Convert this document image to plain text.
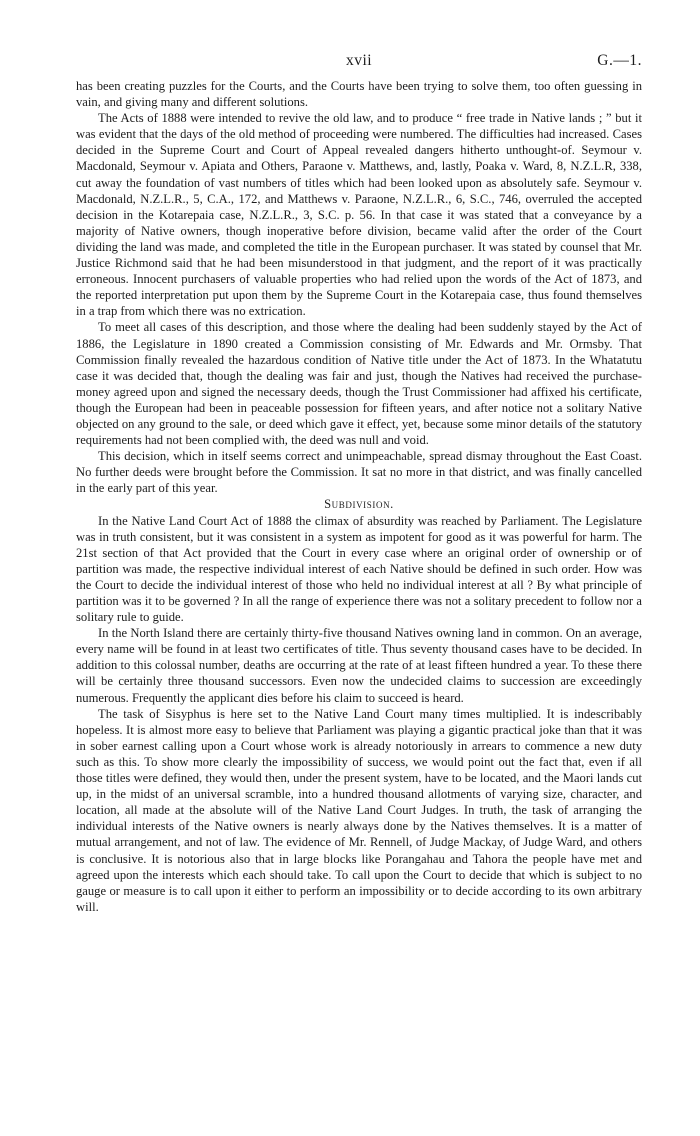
xvii	G.—1.

has been creating puzzles for the Courts, and the Courts have been trying to solve them, too often guessing in vain, and giving many and different solutions.

The Acts of 1888 were intended to revive the old law, and to produce “ free trade in Native lands ; ” but it was evident that the days of the old method of proceeding were numbered. The difficulties had increased. Cases decided in the Supreme Court and Court of Appeal revealed dangers hitherto unthought-of. Seymour v. Macdonald, Seymour v. Apiata and Others, Paraone v. Matthews, and, lastly, Poaka v. Ward, 8, N.Z.L.R, 338, cut away the foundation of vast numbers of titles which had been looked upon as absolutely safe. Seymour v. Macdonald, N.Z.L.R., 5, C.A., 172, and Matthews v. Paraone, N.Z.L.R., 6, S.C., 746, overruled the accepted decision in the Kotarepaia case, N.Z.L.R., 3, S.C. p. 56. In that case it was stated that a conveyance by a majority of Native owners, though inoperative before division, became valid after the order of the Court dividing the land was made, and completed the title in the European purchaser. It was stated by counsel that Mr. Justice Richmond said that he had been misunderstood in that judgment, and the report of it was practically erroneous. Innocent purchasers of valuable properties who had relied upon the words of the Act of 1873, and the reported interpretation put upon them by the Supreme Court in the Kotarepaia case, thus found themselves in a trap from which there was no extrication.

To meet all cases of this description, and those where the dealing had been suddenly stayed by the Act of 1886, the Legislature in 1890 created a Commission consisting of Mr. Edwards and Mr. Ormsby. That Commission finally revealed the hazardous condition of Native title under the Act of 1873. In the Whatatutu case it was decided that, though the dealing was fair and just, though the Natives had received the purchase-money agreed upon and signed the necessary deeds, though the Trust Commissioner had affixed his certificate, though the European had been in peaceable possession for fifteen years, and after notice not a solitary Native objected on any ground to the sale, or deed which gave it effect, yet, because some minor details of the statutory requirements had not been complied with, the deed was null and void.

This decision, which in itself seems correct and unimpeachable, spread dismay throughout the East Coast. No further deeds were brought before the Commission. It sat no more in that district, and was finally cancelled in the early part of this year.

Subdivision.

In the Native Land Court Act of 1888 the climax of absurdity was reached by Parliament. The Legislature was in truth consistent, but it was consistent in a system as impotent for good as it was powerful for harm. The 21st section of that Act provided that the Court in every case where an original order of ownership or of partition was made, the respective individual interest of each Native should be defined in such order. How was the Court to decide the individual interest of those who held no individual interest at all ? By what principle of partition was it to be governed ? In all the range of experience there was not a solitary precedent to follow nor a solitary rule to guide.

In the North Island there are certainly thirty-five thousand Natives owning land in common. On an average, every name will be found in at least two certificates of title. Thus seventy thousand cases have to be decided. In addition to this colossal number, deaths are occurring at the rate of at least fifteen hundred a year. To these there will be certainly three thousand successors. Even now the undecided claims to succession are exceedingly numerous. Frequently the applicant dies before his claim to succeed is heard.

The task of Sisyphus is here set to the Native Land Court many times multiplied. It is indescribably hopeless. It is almost more easy to believe that Parliament was playing a gigantic practical joke than that it was in sober earnest calling upon a Court whose work is already notoriously in arrears to commence a new duty such as this. To show more clearly the impossibility of success, we would point out the fact that, even if all those titles were defined, they would then, under the present system, have to be located, and the Maori lands cut up, in the midst of an universal scramble, into a hundred thousand allotments of varying size, character, and location, all made at the absolute will of the Native Land Court Judges. In truth, the task of arranging the individual interests of the Native owners is nearly always done by the Natives themselves. It is a matter of mutual arrangement, and not of law. The evidence of Mr. Rennell, of Judge Mackay, of Judge Ward, and others is conclusive. It is notorious also that in large blocks like Porangahau and Tahora the people have met and agreed upon the interests which each should take. To call upon the Court to decide that which is subject to no gauge or measure is to call upon it either to perform an impossibility or to decide according to its own arbitrary will.
